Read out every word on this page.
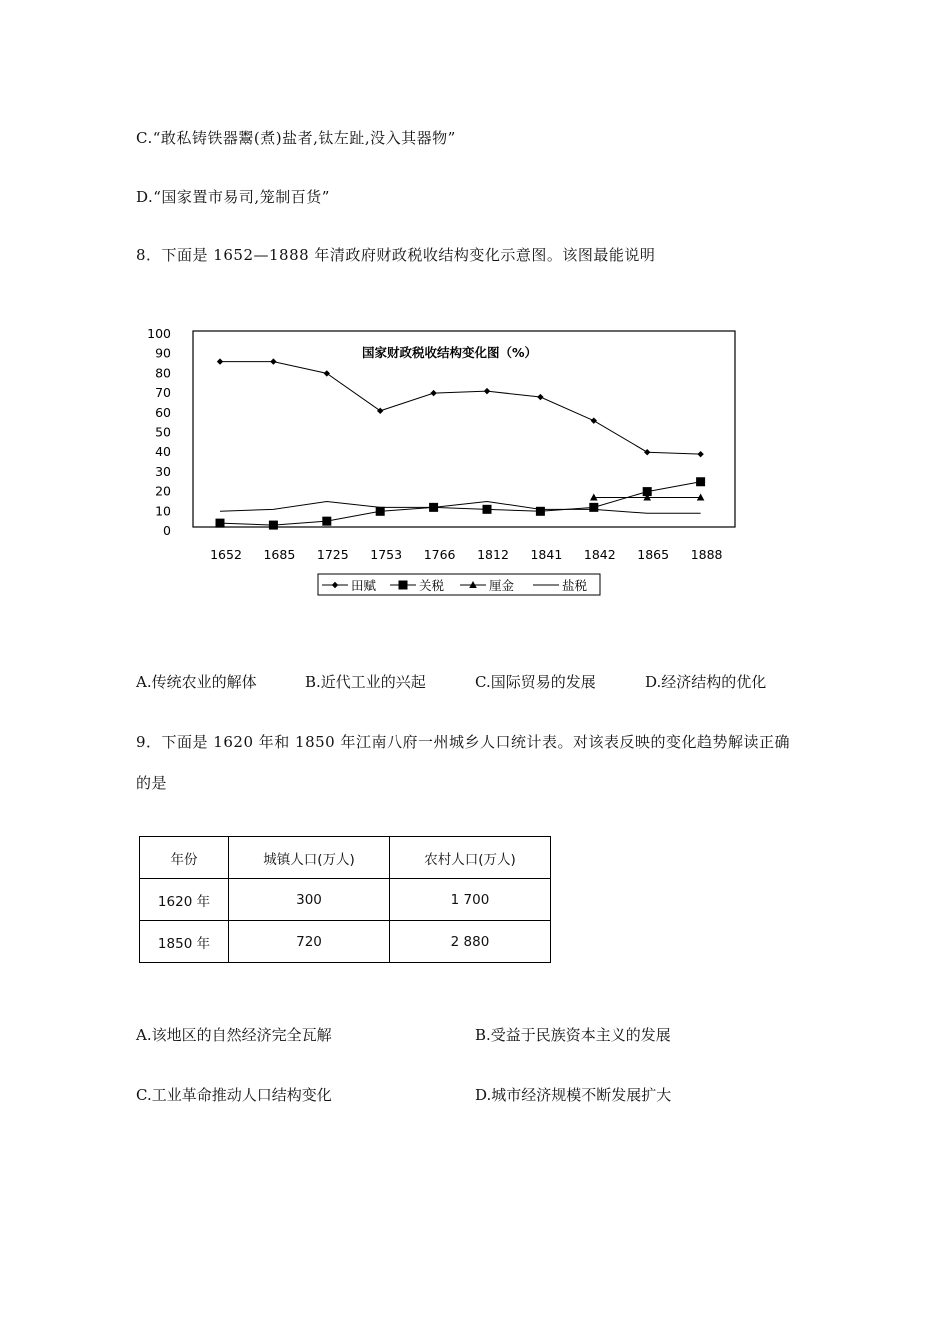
C.“敢私铸铁器鬻(煮)盐者,钛左趾,没入其器物”
D.“国家置市易司,笼制百货”
8．下面是 1652—1888 年清政府财政税收结构变化示意图。该图最能说明
100
90
80
70
60
50
40
30
20
10
0
1652 1685 1725 1753 1766 1812 1841 1842 1865 1888
国家财政税收结构变化图（%）
田赋	关税	厘金	盐税
A.传统农业的解体	B.近代工业的兴起	C.国际贸易的发展	D.经济结构的优化
9．下面是 1620 年和 1850 年江南八府一州城乡人口统计表。对该表反映的变化趋势解读正确
的是
年份	城镇人口(万人)	农村人口(万人)
1620 年	300	1 700
1850 年	720	2 880
A.该地区的自然经济完全瓦解	B.受益于民族资本主义的发展
C.工业革命推动人口结构变化	D.城市经济规模不断发展扩大
